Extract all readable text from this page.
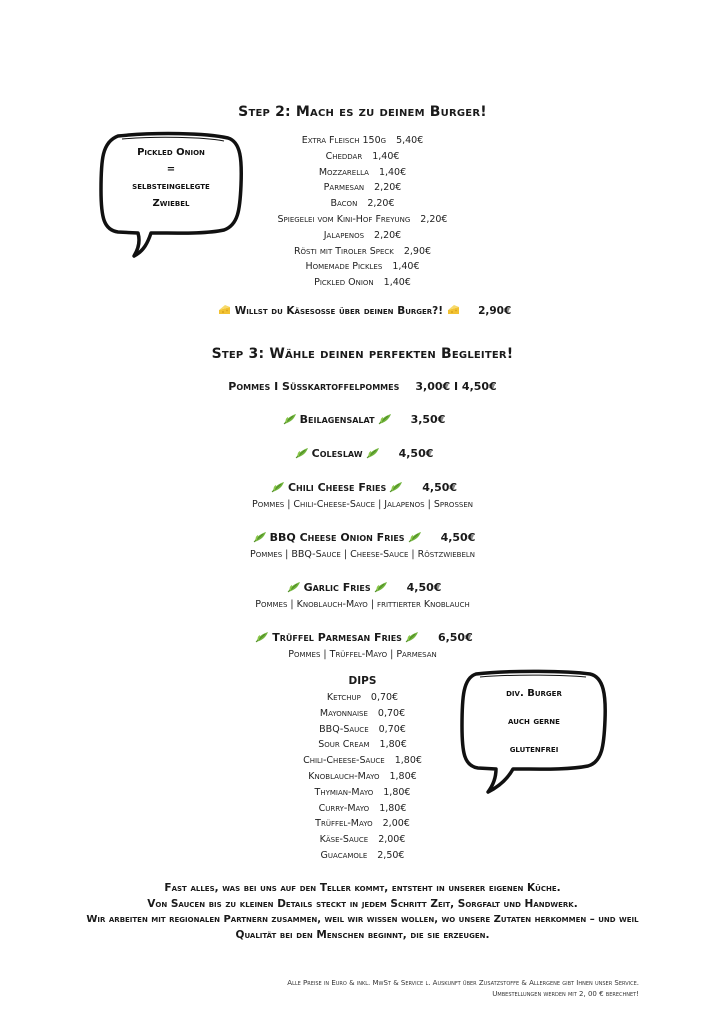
Step 2: Mach es zu deinem Burger!
Extra Fleisch 150g 5,40€
Cheddar 1,40€
Mozzarella 1,40€
Parmesan 2,20€
Bacon 2,20€
Spiegelei vom Kini-Hof Freyung 2,20€
Jalapenos 2,20€
Rösti mit Tiroler Speck 2,90€
Homemade Pickles 1,40€
Pickled Onion 1,40€
Willst du Käsesoße über deinen Burger?!	2,90€
Pickled Onion
=
selbsteingelegte
Zwiebel
Step 3: Wähle deinen perfekten Begleiter!
Pommes I Süßkartoffelpommes 3,00€ I 4,50€
Beilagensalat	3,50€
Coleslaw	4,50€
Chili Cheese Fries	4,50€
Pommes | Chili-Cheese-Sauce | Jalapenos | Sprossen
BBQ Cheese Onion Fries	4,50€
Pommes | BBQ-Sauce | Cheese-Sauce | Röstzwiebeln
Garlic Fries	4,50€
Pommes | Knoblauch-Mayo | frittierter Knoblauch
Trüffel Parmesan Fries	6,50€
Pommes | Trüffel-Mayo | Parmesan
DIPS
Ketchup 0,70€
Mayonnaise 0,70€
BBQ-Sauce 0,70€
Sour Cream 1,80€
Chili-Cheese-Sauce 1,80€
Knoblauch-Mayo 1,80€
Thymian-Mayo 1,80€
Curry-Mayo 1,80€
Trüffel-Mayo 2,00€
Käse-Sauce 2,00€
Guacamole 2,50€
div. Burger
auch gerne
glutenfrei
Fast alles, was bei uns auf den Teller kommt, entsteht in unserer eigenen Küche.
Von Saucen bis zu kleinen Details steckt in jedem Schritt Zeit, Sorgfalt und Handwerk.
Wir arbeiten mit regionalen Partnern zusammen, weil wir wissen wollen, wo unsere Zutaten herkommen – und weil
Qualität bei den Menschen beginnt, die sie erzeugen.
Alle Preise in Euro & inkl. MwSt & Service l. Auskunft über Zusatzstoffe & Allergene gibt Ihnen unser Service.
Umbestellungen werden mit 2, 00 € berechnet!
